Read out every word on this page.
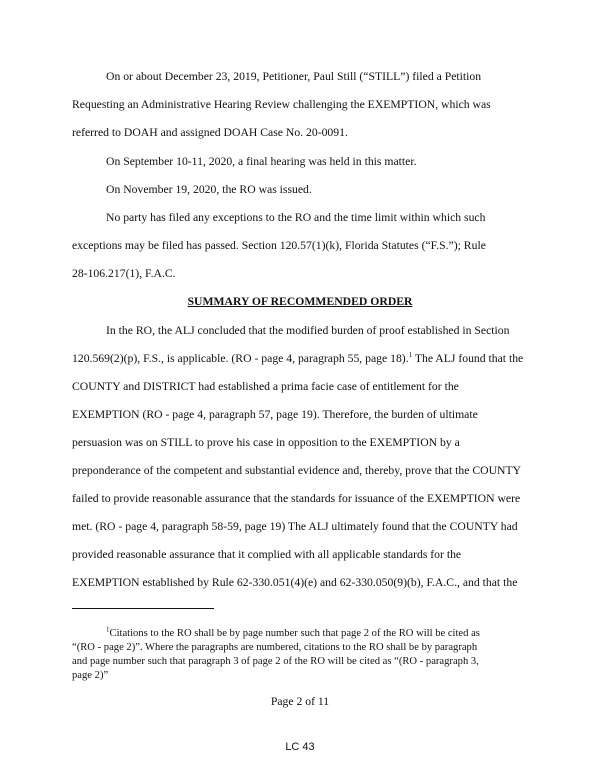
On or about December 23, 2019, Petitioner, Paul Still (“STILL”) filed a Petition
Requesting an Administrative Hearing Review challenging the EXEMPTION, which was
referred to DOAH and assigned DOAH Case No. 20-0091.
On September 10-11, 2020, a final hearing was held in this matter.
On November 19, 2020, the RO was issued.
No party has filed any exceptions to the RO and the time limit within which such
exceptions may be filed has passed. Section 120.57(1)(k), Florida Statutes (“F.S.”); Rule
28-106.217(1), F.A.C.
SUMMARY OF RECOMMENDED ORDER
In the RO, the ALJ concluded that the modified burden of proof established in Section
120.569(2)(p), F.S., is applicable. (RO - page 4, paragraph 55, page 18).$^1$ The ALJ found that the
COUNTY and DISTRICT had established a prima facie case of entitlement for the
EXEMPTION (RO - page 4, paragraph 57, page 19). Therefore, the burden of ultimate
persuasion was on STILL to prove his case in opposition to the EXEMPTION by a
preponderance of the competent and substantial evidence and, thereby, prove that the COUNTY
failed to provide reasonable assurance that the standards for issuance of the EXEMPTION were
met. (RO - page 4, paragraph 58-59, page 19) The ALJ ultimately found that the COUNTY had
provided reasonable assurance that it complied with all applicable standards for the
EXEMPTION established by Rule 62-330.051(4)(e) and 62-330.050(9)(b), F.A.C., and that the
$^1$Citations to the RO shall be by page number such that page 2 of the RO will be cited as
“(RO - page 2)”. Where the paragraphs are numbered, citations to the RO shall be by paragraph
and page number such that paragraph 3 of page 2 of the RO will be cited as “(RO - paragraph 3,
page 2)”
Page 2 of 11
LC 43
